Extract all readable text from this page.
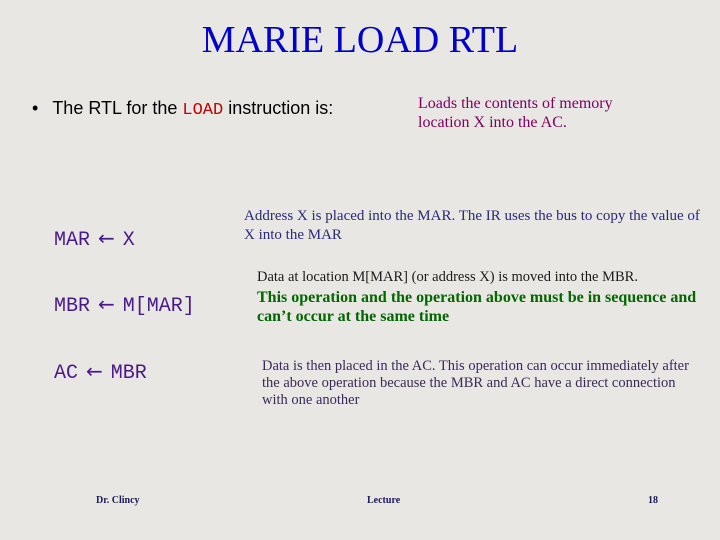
MARIE LOAD RTL
• The RTL for the LOAD instruction is:	Loads the contents of memory location X into the AC.
MAR ← X
Address X is placed into the MAR. The IR uses the bus to copy the value of X into the MAR
MBR ← M[MAR]
Data at location M[MAR] (or address X) is moved into the MBR.
This operation and the operation above must be in sequence and can’t occur at the same time
AC ← MBR	Data is then placed in the AC. This operation can occur immediately after the above operation because the MBR and AC have a direct connection with one another
Dr. Clincy	Lecture	18
